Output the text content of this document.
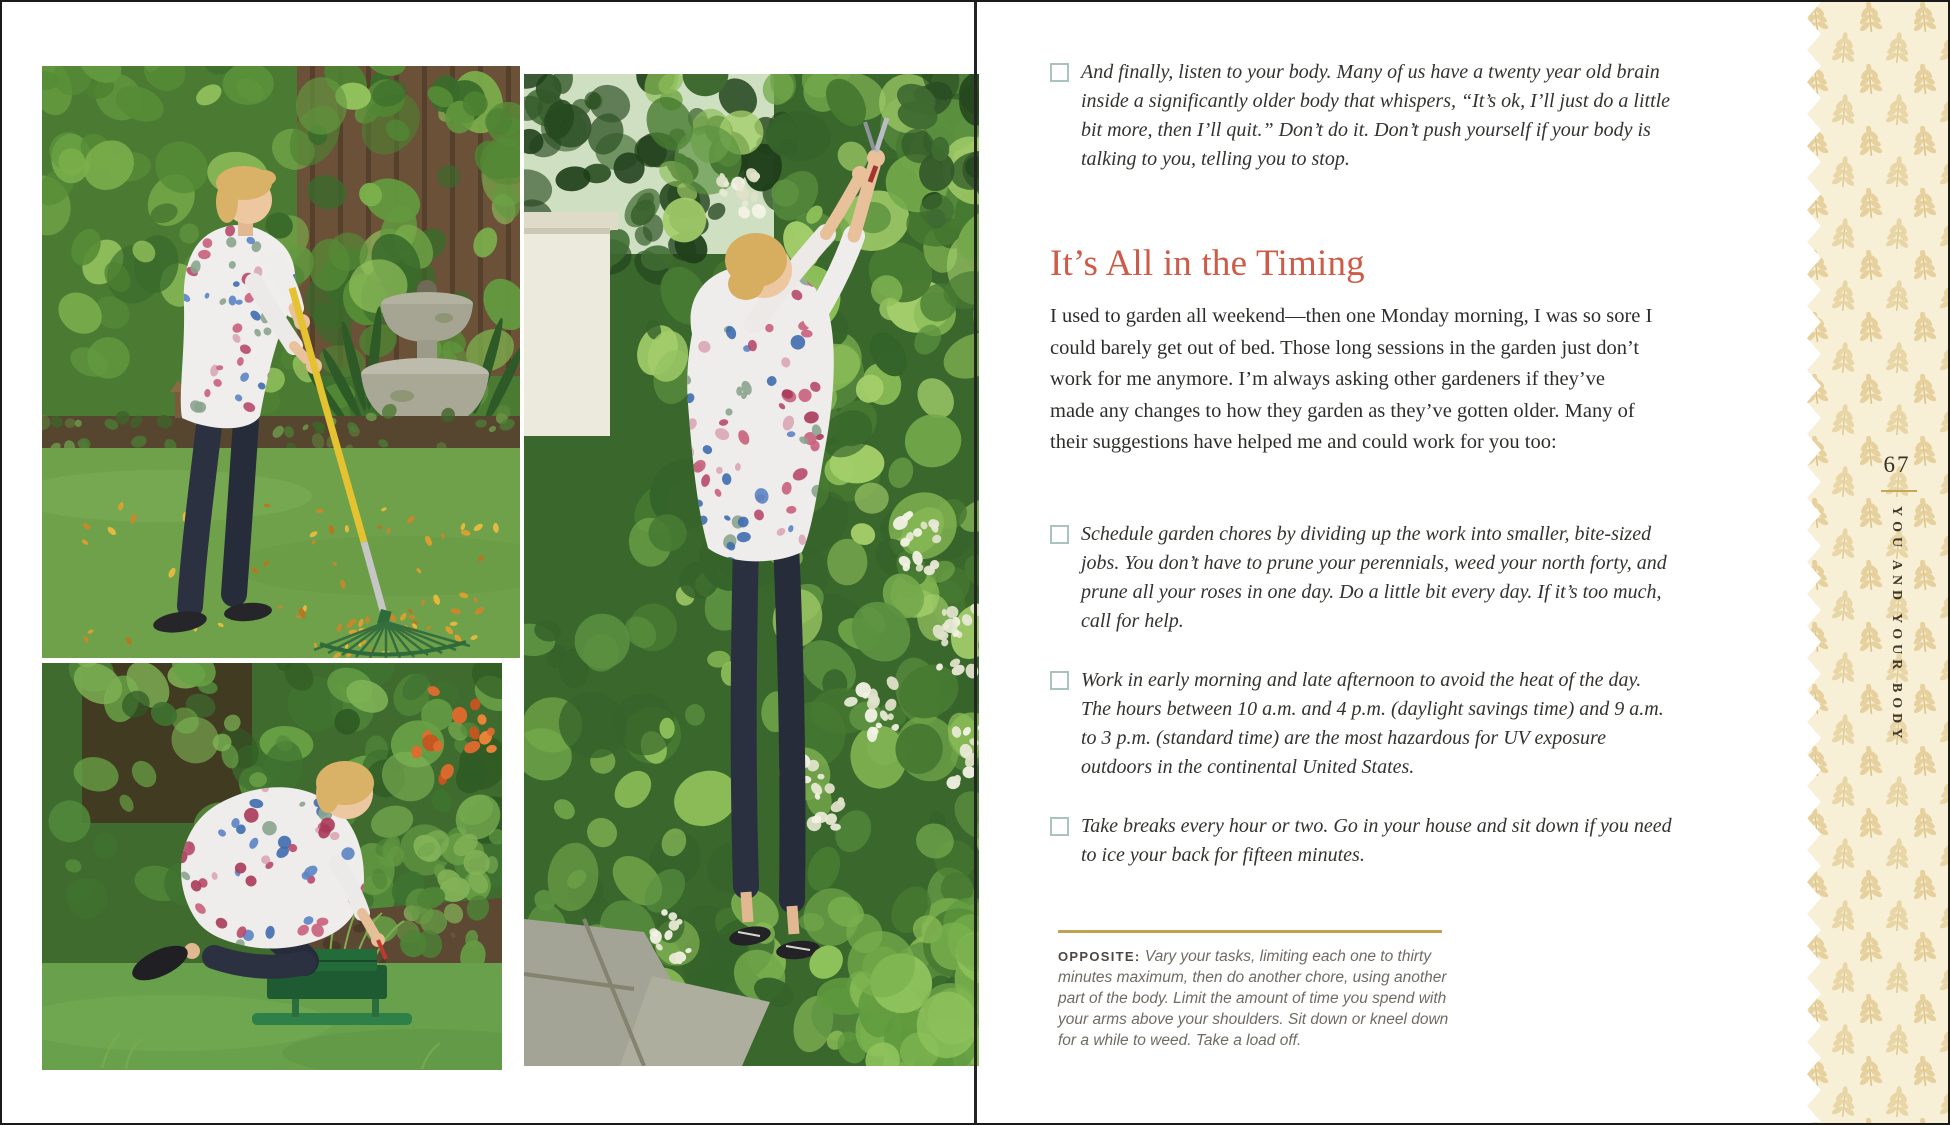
And finally, listen to your body. Many of us have a twenty year old brain inside a significantly older body that whispers, “It’s ok, I’ll just do a little bit more, then I’ll quit.” Don’t do it. Don’t push yourself if your body is talking to you, telling you to stop.

It’s All in the Timing

I used to garden all weekend—then one Monday morning, I was so sore I could barely get out of bed. Those long sessions in the garden just don’t work for me anymore. I’m always asking other gardeners if they’ve made any changes to how they garden as they’ve gotten older. Many of their suggestions have helped me and could work for you too:

Schedule garden chores by dividing up the work into smaller, bite-sized jobs. You don’t have to prune your perennials, weed your north forty, and prune all your roses in one day. Do a little bit every day. If it’s too much, call for help.

Work in early morning and late afternoon to avoid the heat of the day. The hours between 10 a.m. and 4 p.m. (daylight savings time) and 9 a.m. to 3 p.m. (standard time) are the most hazardous for UV exposure outdoors in the continental United States.

Take breaks every hour or two. Go in your house and sit down if you need to ice your back for fifteen minutes.

OPPOSITE: Vary your tasks, limiting each one to thirty minutes maximum, then do another chore, using another part of the body. Limit the amount of time you spend with your arms above your shoulders. Sit down or kneel down for a while to weed. Take a load off.

67
YOU AND YOUR BODY
